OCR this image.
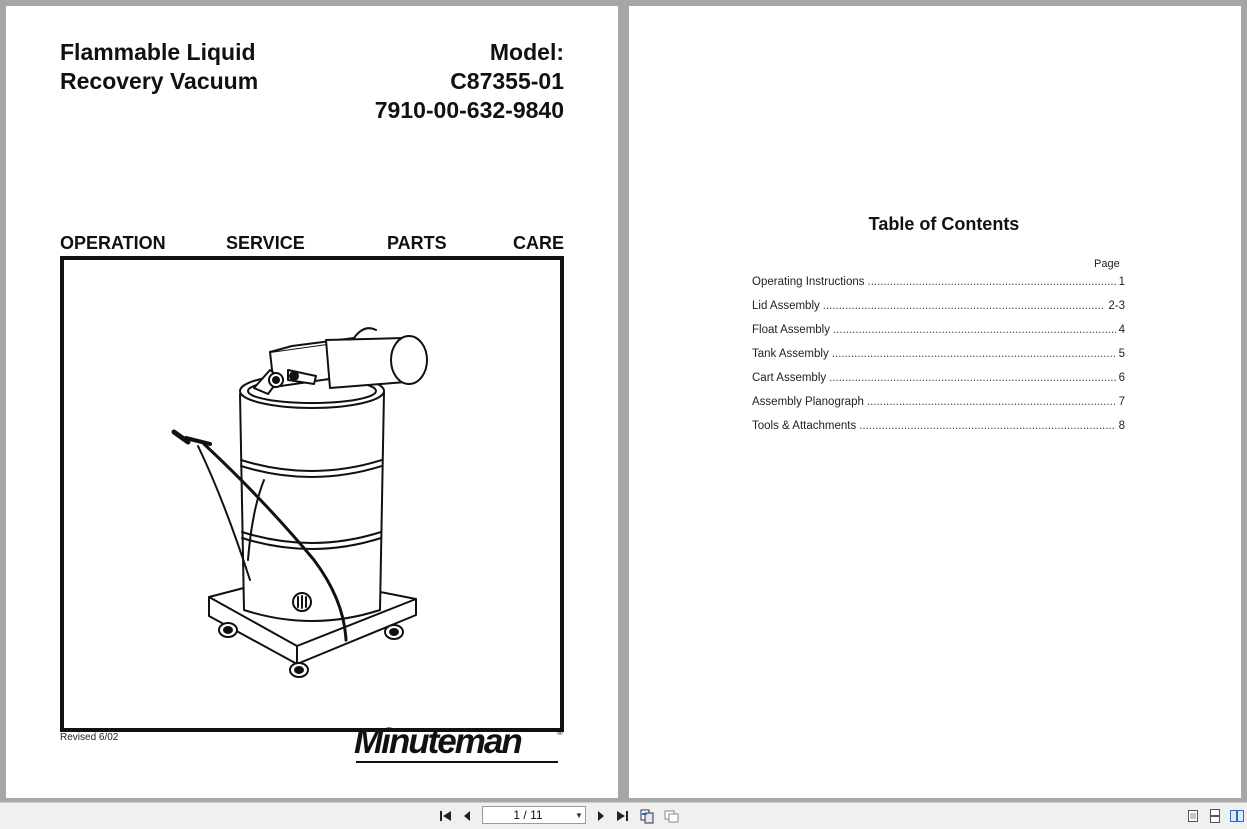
Flammable Liquid
Recovery Vacuum
Model:
C87355-01
7910-00-632-9840
OPERATION	SERVICE	PARTS	CARE
Revised 6/02	Minuteman	®
Table of Contents
Page
Operating Instructions .....	1
Lid Assembly .....	2-3
Float Assembly .....	4
Tank Assembly .....	5
Cart Assembly .....	6
Assembly Planograph .....	7
Tools & Attachments .....	8
1 / 11	▼
